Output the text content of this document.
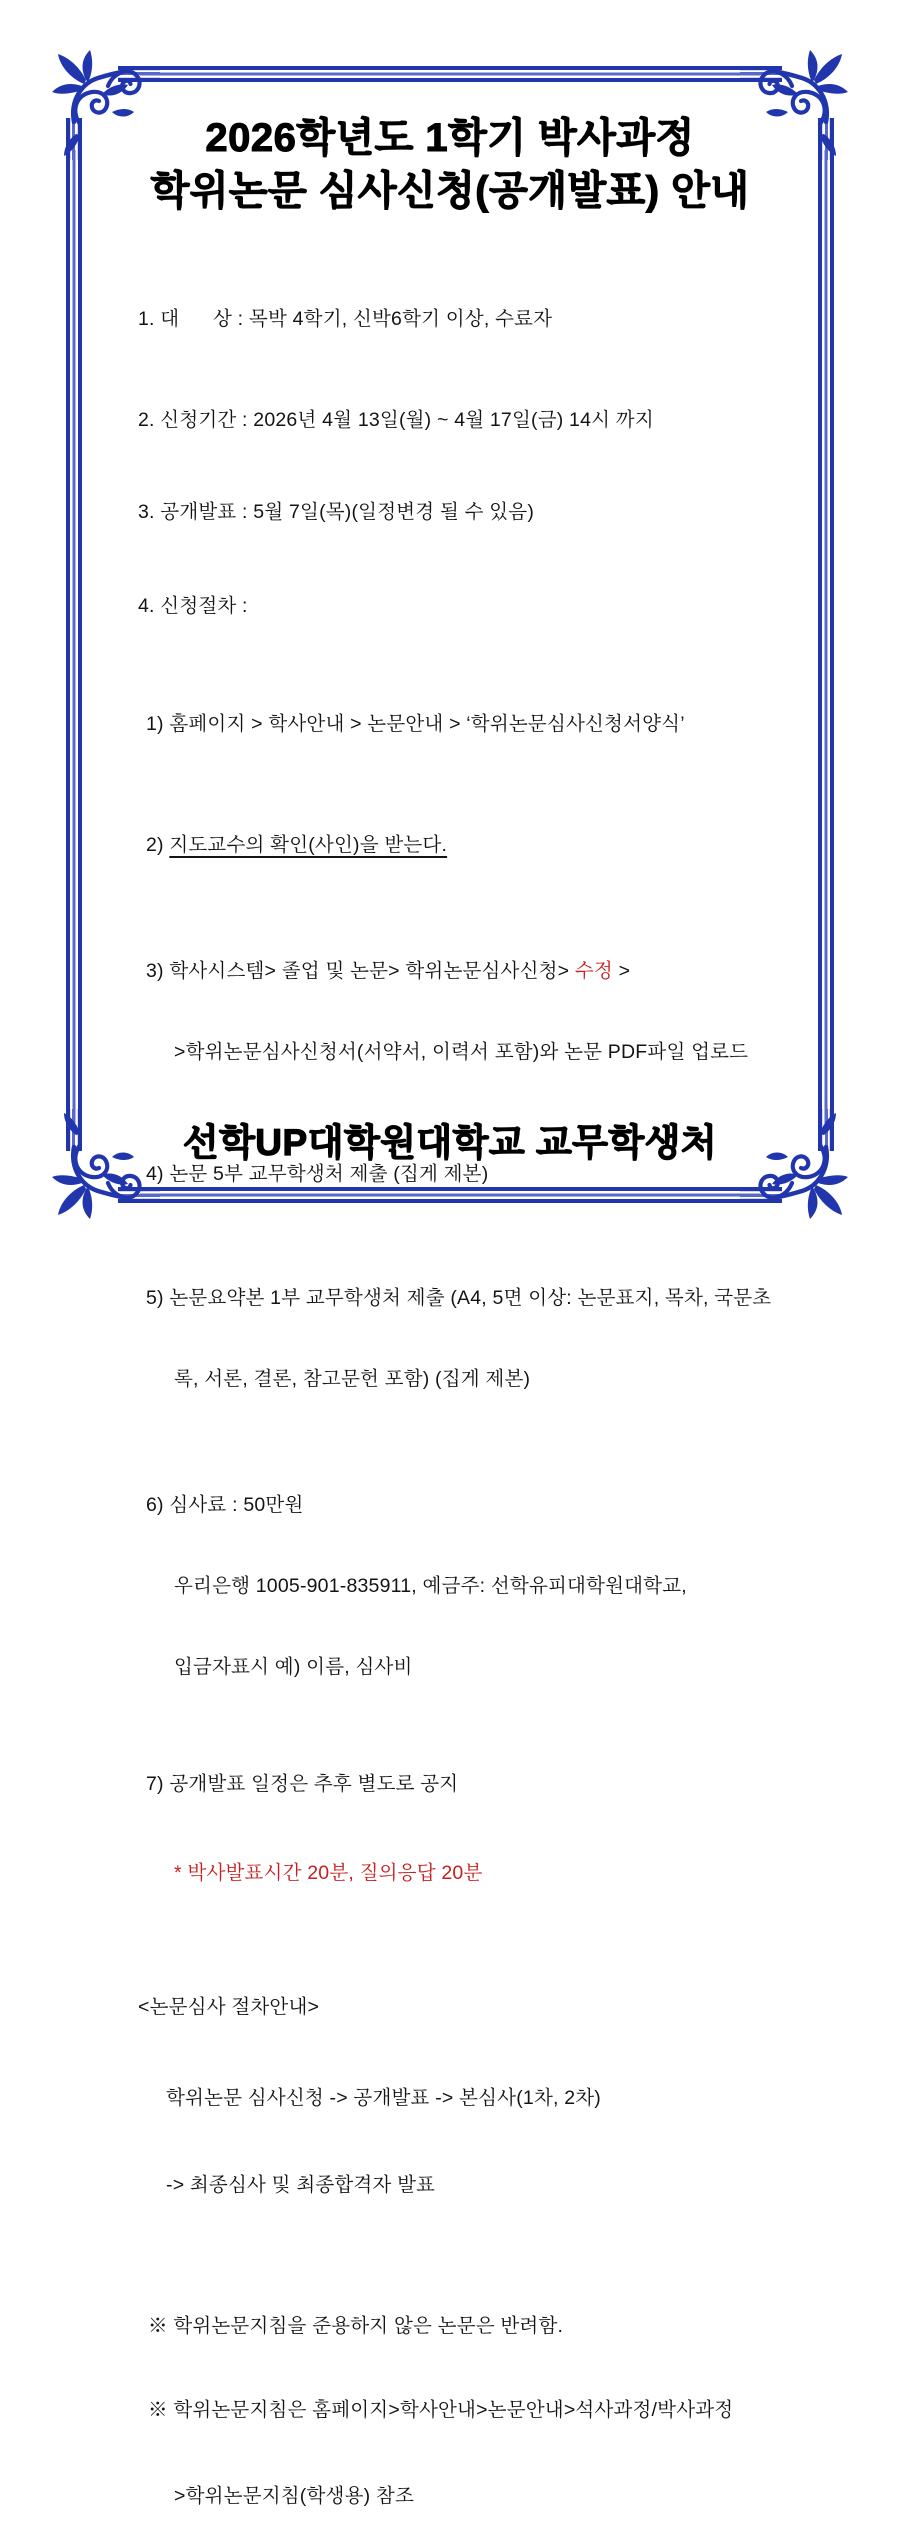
2026학년도 1학기 박사과정
학위논문 심사신청(공개발표) 안내

1. 대      상 : 목박 4학기, 신박6학기 이상, 수료자

2. 신청기간 : 2026년 4월 13일(월) ~ 4월 17일(금) 14시 까지

3. 공개발표 : 5월 7일(목)(일정변경 될 수 있음)

4. 신청절차 :

1) 홈페이지 > 학사안내 > 논문안내 > ‘학위논문심사신청서양식’

2) 지도교수의 확인(사인)을 받는다.

3) 학사시스템> 졸업 및 논문> 학위논문심사신청> 수정 >

>학위논문심사신청서(서약서, 이력서 포함)와 논문 PDF파일 업로드

4) 논문 5부 교무학생처 제출 (집게 제본)

5) 논문요약본 1부 교무학생처 제출 (A4, 5면 이상: 논문표지, 목차, 국문초

록, 서론, 결론, 참고문헌 포함) (집게 제본)

6) 심사료 : 50만원

우리은행 1005-901-835911, 예금주: 선학유피대학원대학교,

입금자표시 예) 이름, 심사비

7) 공개발표 일정은 추후 별도로 공지

* 박사발표시간 20분, 질의응답 20분

<논문심사 절차안내>

학위논문 심사신청 -> 공개발표 -> 본심사(1차, 2차)

-> 최종심사 및 최종합격자 발표

※ 학위논문지침을 준용하지 않은 논문은 반려함.

※ 학위논문지침은 홈페이지>학사안내>논문안내>석사과정/박사과정

>학위논문지침(학생용) 참조

선학UP대학원대학교 교무학생처
